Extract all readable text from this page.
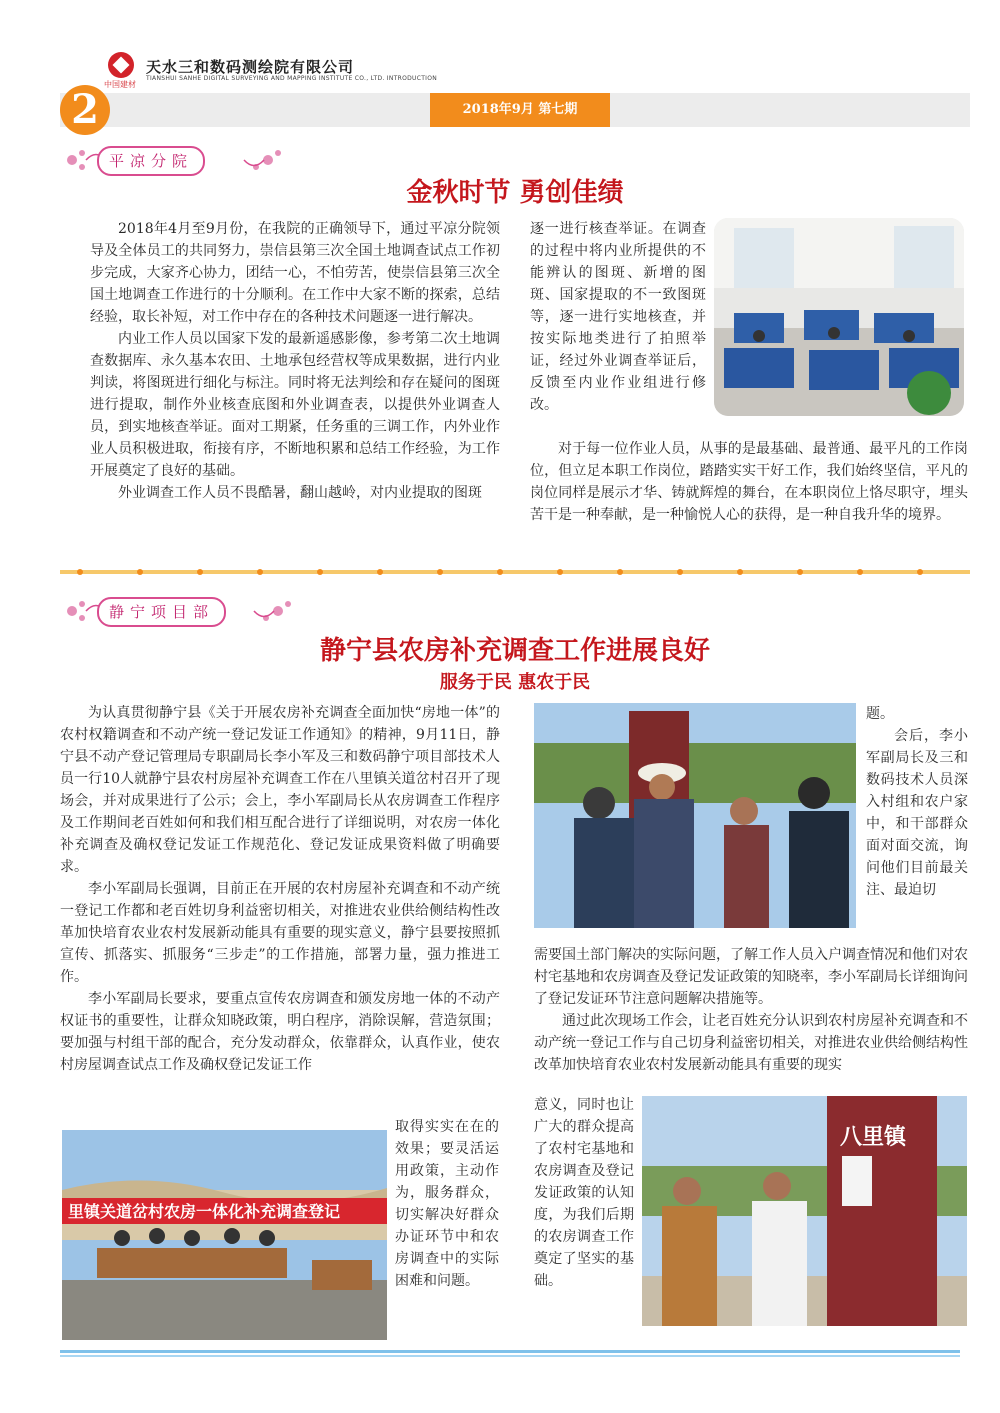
中国建材
天水三和数码测绘院有限公司
TIANSHUI SANHE DIGITAL SURVEYING AND MAPPING INSTITUTE CO., LTD. INTRODUCTION
2	2018年9月 第七期
平凉分院
金秋时节 勇创佳绩

2018年4月至9月份，在我院的正确领导下，通过平凉分院领导及全体员工的共同努力，崇信县第三次全国土地调查试点工作初步完成，大家齐心协力，团结一心，不怕劳苦，使崇信县第三次全国土地调查工作进行的十分顺利。在工作中大家不断的探索，总结经验，取长补短，对工作中存在的各种技术问题逐一进行解决。

内业工作人员以国家下发的最新遥感影像，参考第二次土地调查数据库、永久基本农田、土地承包经营权等成果数据，进行内业判读，将图斑进行细化与标注。同时将无法判绘和存在疑问的图斑进行提取，制作外业核查底图和外业调查表，以提供外业调查人员，到实地核查举证。面对工期紧，任务重的三调工作，内外业作业人员积极进取，衔接有序，不断地积累和总结工作经验，为工作开展奠定了良好的基础。

外业调查工作人员不畏酷暑，翻山越岭，对内业提取的图斑

逐一进行核查举证。在调查的过程中将内业所提供的不能辨认的图斑、新增的图斑、国家提取的不一致图斑等，逐一进行实地核查，并按实际地类进行了拍照举证，经过外业调查举证后，反馈至内业作业组进行修改。

对于每一位作业人员，从事的是最基础、最普通、最平凡的工作岗位，但立足本职工作岗位，踏踏实实干好工作，我们始终坚信，平凡的岗位同样是展示才华、铸就辉煌的舞台，在本职岗位上恪尽职守，埋头苦干是一种奉献，是一种愉悦人心的获得，是一种自我升华的境界。

静宁项目部
静宁县农房补充调查工作进展良好
服务于民 惠农于民

为认真贯彻静宁县《关于开展农房补充调查全面加快“房地一体”的农村权籍调查和不动产统一登记发证工作通知》的精神，9月11日，静宁县不动产登记管理局专职副局长李小军及三和数码静宁项目部技术人员一行10人就静宁县农村房屋补充调查工作在八里镇关道岔村召开了现场会，并对成果进行了公示；会上，李小军副局长从农房调查工作程序及工作期间老百姓如何和我们相互配合进行了详细说明，对农房一体化补充调查及确权登记发证工作规范化、登记发证成果资料做了明确要求。

李小军副局长强调，目前正在开展的农村房屋补充调查和不动产统一登记工作都和老百姓切身利益密切相关，对推进农业供给侧结构性改革加快培育农业农村发展新动能具有重要的现实意义，静宁县要按照抓宣传、抓落实、抓服务“三步走”的工作措施，部署力量，强力推进工作。

李小军副局长要求，要重点宣传农房调查和颁发房地一体的不动产权证书的重要性，让群众知晓政策，明白程序，消除误解，营造氛围；要加强与村组干部的配合，充分发动群众，依靠群众，认真作业，使农村房屋调查试点工作及确权登记发证工作

里镇关道岔村农房一体化补充调查登记

取得实实在在的效果；要灵活运用政策，主动作为，服务群众，切实解决好群众办证环节中和农房调查中的实际困难和问题。

题。

会后，李小军副局长及三和数码技术人员深入村组和农户家中，和干部群众面对面交流，询问他们目前最关注、最迫切

需要国土部门解决的实际问题，了解工作人员入户调查情况和他们对农村宅基地和农房调查及登记发证政策的知晓率，李小军副局长详细询问了登记发证环节注意问题解决措施等。

通过此次现场工作会，让老百姓充分认识到农村房屋补充调查和不动产统一登记工作与自己切身利益密切相关，对推进农业供给侧结构性改革加快培育农业农村发展新动能具有重要的现实

意义，同时也让广大的群众提高了农村宅基地和农房调查及登记发证政策的认知度，为我们后期的农房调查工作奠定了坚实的基础。

八里镇
